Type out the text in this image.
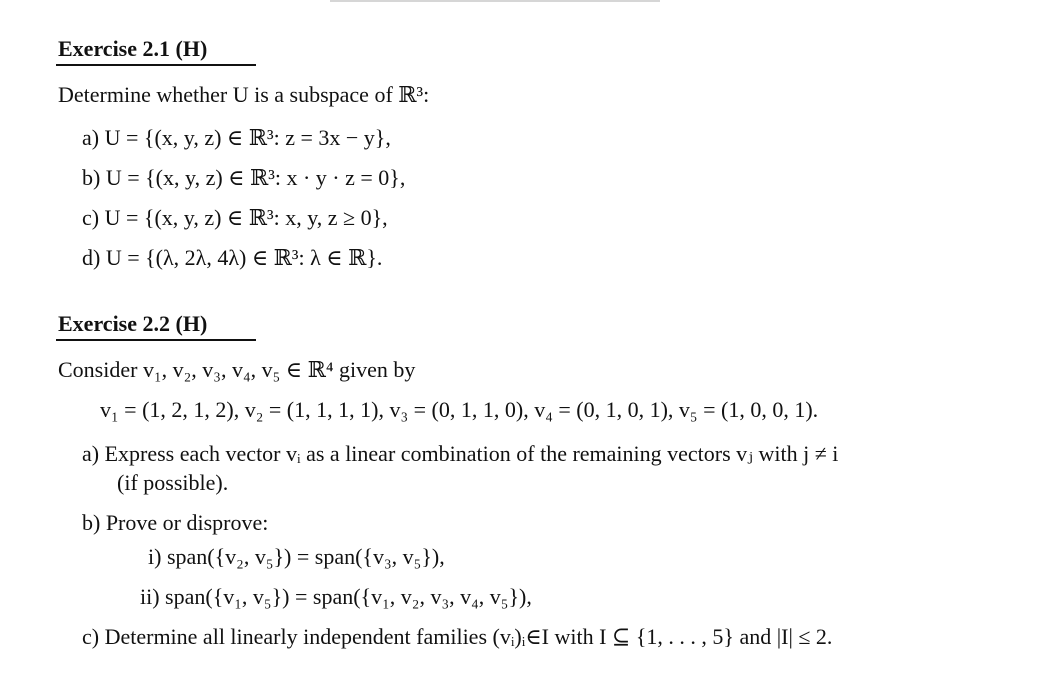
Exercise 2.1 (H)
Determine whether U is a subspace of ℝ³:
a) U = {(x, y, z) ∈ ℝ³: z = 3x − y},
b) U = {(x, y, z) ∈ ℝ³: x · y · z = 0},
c) U = {(x, y, z) ∈ ℝ³: x, y, z ≥ 0},
d) U = {(λ, 2λ, 4λ) ∈ ℝ³: λ ∈ ℝ}.
Exercise 2.2 (H)
Consider v₁, v₂, v₃, v₄, v₅ ∈ ℝ⁴ given by
v₁ = (1, 2, 1, 2), v₂ = (1, 1, 1, 1), v₃ = (0, 1, 1, 0), v₄ = (0, 1, 0, 1), v₅ = (1, 0, 0, 1).
a) Express each vector vᵢ as a linear combination of the remaining vectors vⱼ with j ≠ i
(if possible).
b) Prove or disprove:
i) span({v₂, v₅}) = span({v₃, v₅}),
ii) span({v₁, v₅}) = span({v₁, v₂, v₃, v₄, v₅}),
c) Determine all linearly independent families (vᵢ)ᵢ∈I with I ⊆ {1, . . . , 5} and |I| ≤ 2.
